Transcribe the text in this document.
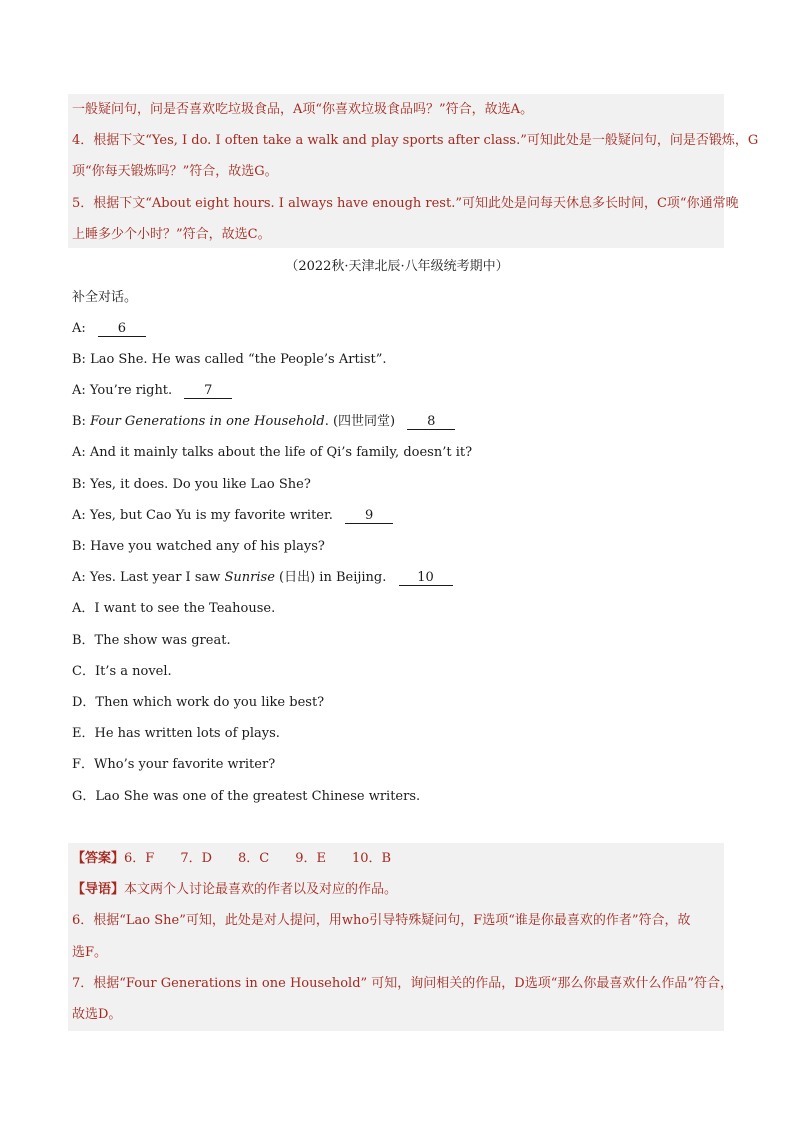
一般疑问句，问是否喜欢吃垃圾食品，A项“你喜欢垃圾食品吗？”符合，故选A。
4．根据下文“Yes, I do. I often take a walk and play sports after class.”可知此处是一般疑问句，问是否锻炼，G
项“你每天锻炼吗？”符合，故选G。
5．根据下文“About eight hours. I always have enough rest.”可知此处是问每天休息多长时间，C项“你通常晚
上睡多少个小时？”符合，故选C。
（2022秋·天津北辰·八年级统考期中）
补全对话。
A: 6
B: Lao She. He was called “the People’s Artist”.
A: You’re right. 7
B: Four Generations in one Household. (四世同堂) 8
A: And it mainly talks about the life of Qi’s family, doesn’t it?
B: Yes, it does. Do you like Lao She?
A: Yes, but Cao Yu is my favorite writer. 9
B: Have you watched any of his plays?
A: Yes. Last year I saw Sunrise (日出) in Beijing. 10
A．I want to see the Teahouse.
B．The show was great.
C．It’s a novel.
D．Then which work do you like best?
E．He has written lots of plays.
F．Who’s your favorite writer?
G．Lao She was one of the greatest Chinese writers.
【答案】6．F 7．D 8．C 9．E 10．B
【导语】本文两个人讨论最喜欢的作者以及对应的作品。
6．根据“Lao She”可知，此处是对人提问，用who引导特殊疑问句，F选项“谁是你最喜欢的作者”符合，故
选F。
7．根据“Four Generations in one Household” 可知，询问相关的作品，D选项“那么你最喜欢什么作品”符合，
故选D。
